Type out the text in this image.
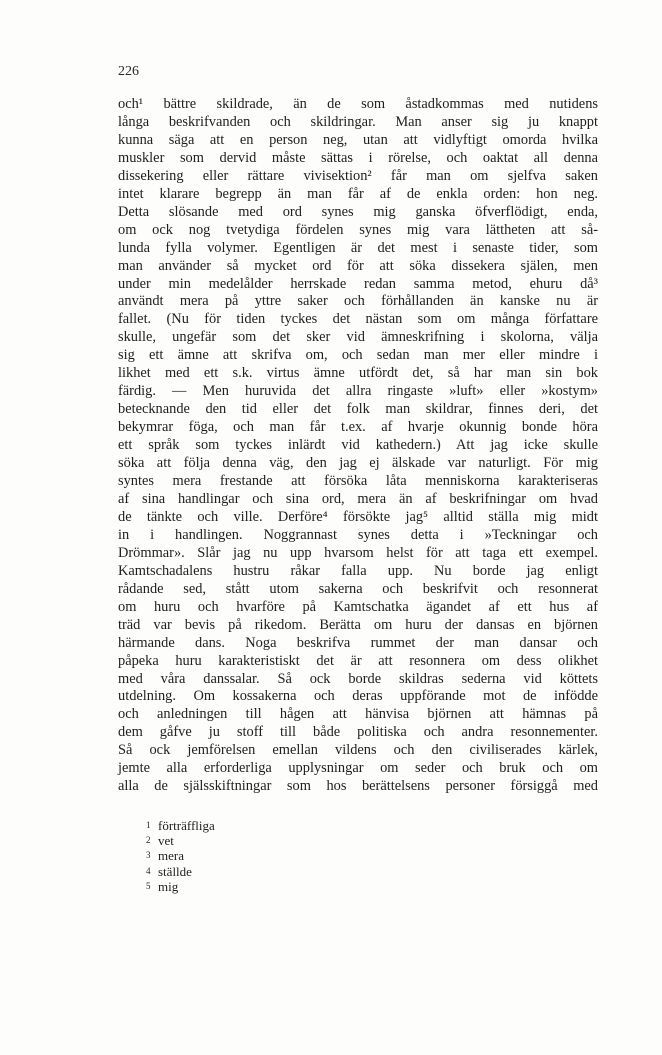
226
och¹ bättre skildrade, än de som åstadkommas med nutidens
långa beskrifvanden och skildringar. Man anser sig ju knappt
kunna säga att en person neg, utan att vidlyftigt omorda hvilka
muskler som dervid måste sättas i rörelse, och oaktat all denna
dissekering eller rättare vivisektion² får man om sjelfva saken
intet klarare begrepp än man får af de enkla orden: hon neg.
Detta slösande med ord synes mig ganska öfverflödigt, enda,
om ock nog tvetydiga fördelen synes mig vara lättheten att så-
lunda fylla volymer. Egentligen är det mest i senaste tider, som
man använder så mycket ord för att söka dissekera själen, men
under min medelålder herrskade redan samma metod, ehuru då³
användt mera på yttre saker och förhållanden än kanske nu är
fallet. (Nu för tiden tyckes det nästan som om många författare
skulle, ungefär som det sker vid ämneskrifning i skolorna, välja
sig ett ämne att skrifva om, och sedan man mer eller mindre i
likhet med ett s.k. virtus ämne utfördt det, så har man sin bok
färdig. — Men huruvida det allra ringaste »luft» eller »kostym»
betecknande den tid eller det folk man skildrar, finnes deri, det
bekymrar föga, och man får t.ex. af hvarje okunnig bonde höra
ett språk som tyckes inlärdt vid kathedern.) Att jag icke skulle
söka att följa denna väg, den jag ej älskade var naturligt. För mig
syntes mera frestande att försöka låta menniskorna karakteriseras
af sina handlingar och sina ord, mera än af beskrifningar om hvad
de tänkte och ville. Derföre⁴ försökte jag⁵ alltid ställa mig midt
in i handlingen. Noggrannast synes detta i »Teckningar och
Drömmar». Slår jag nu upp hvarsom helst för att taga ett exempel.
Kamtschadalens hustru råkar falla upp. Nu borde jag enligt
rådande sed, stått utom sakerna och beskrifvit och resonnerat
om huru och hvarföre på Kamtschatka ägandet af ett hus af
träd var bevis på rikedom. Berätta om huru der dansas en björnen
härmande dans. Noga beskrifva rummet der man dansar och
påpeka huru karakteristiskt det är att resonnera om dess olikhet
med våra danssalar. Så ock borde skildras sederna vid köttets
utdelning. Om kossakerna och deras uppförande mot de infödde
och anledningen till hågen att hänvisa björnen att hämnas på
dem gåfve ju stoff till både politiska och andra resonnementer.
Så ock jemförelsen emellan vildens och den civiliserades kärlek,
jemte alla erforderliga upplysningar om seder och bruk och om
alla de själsskiftningar som hos berättelsens personer försiggå med
1 förträffliga
2 vet
3 mera
4 ställde
5 mig
